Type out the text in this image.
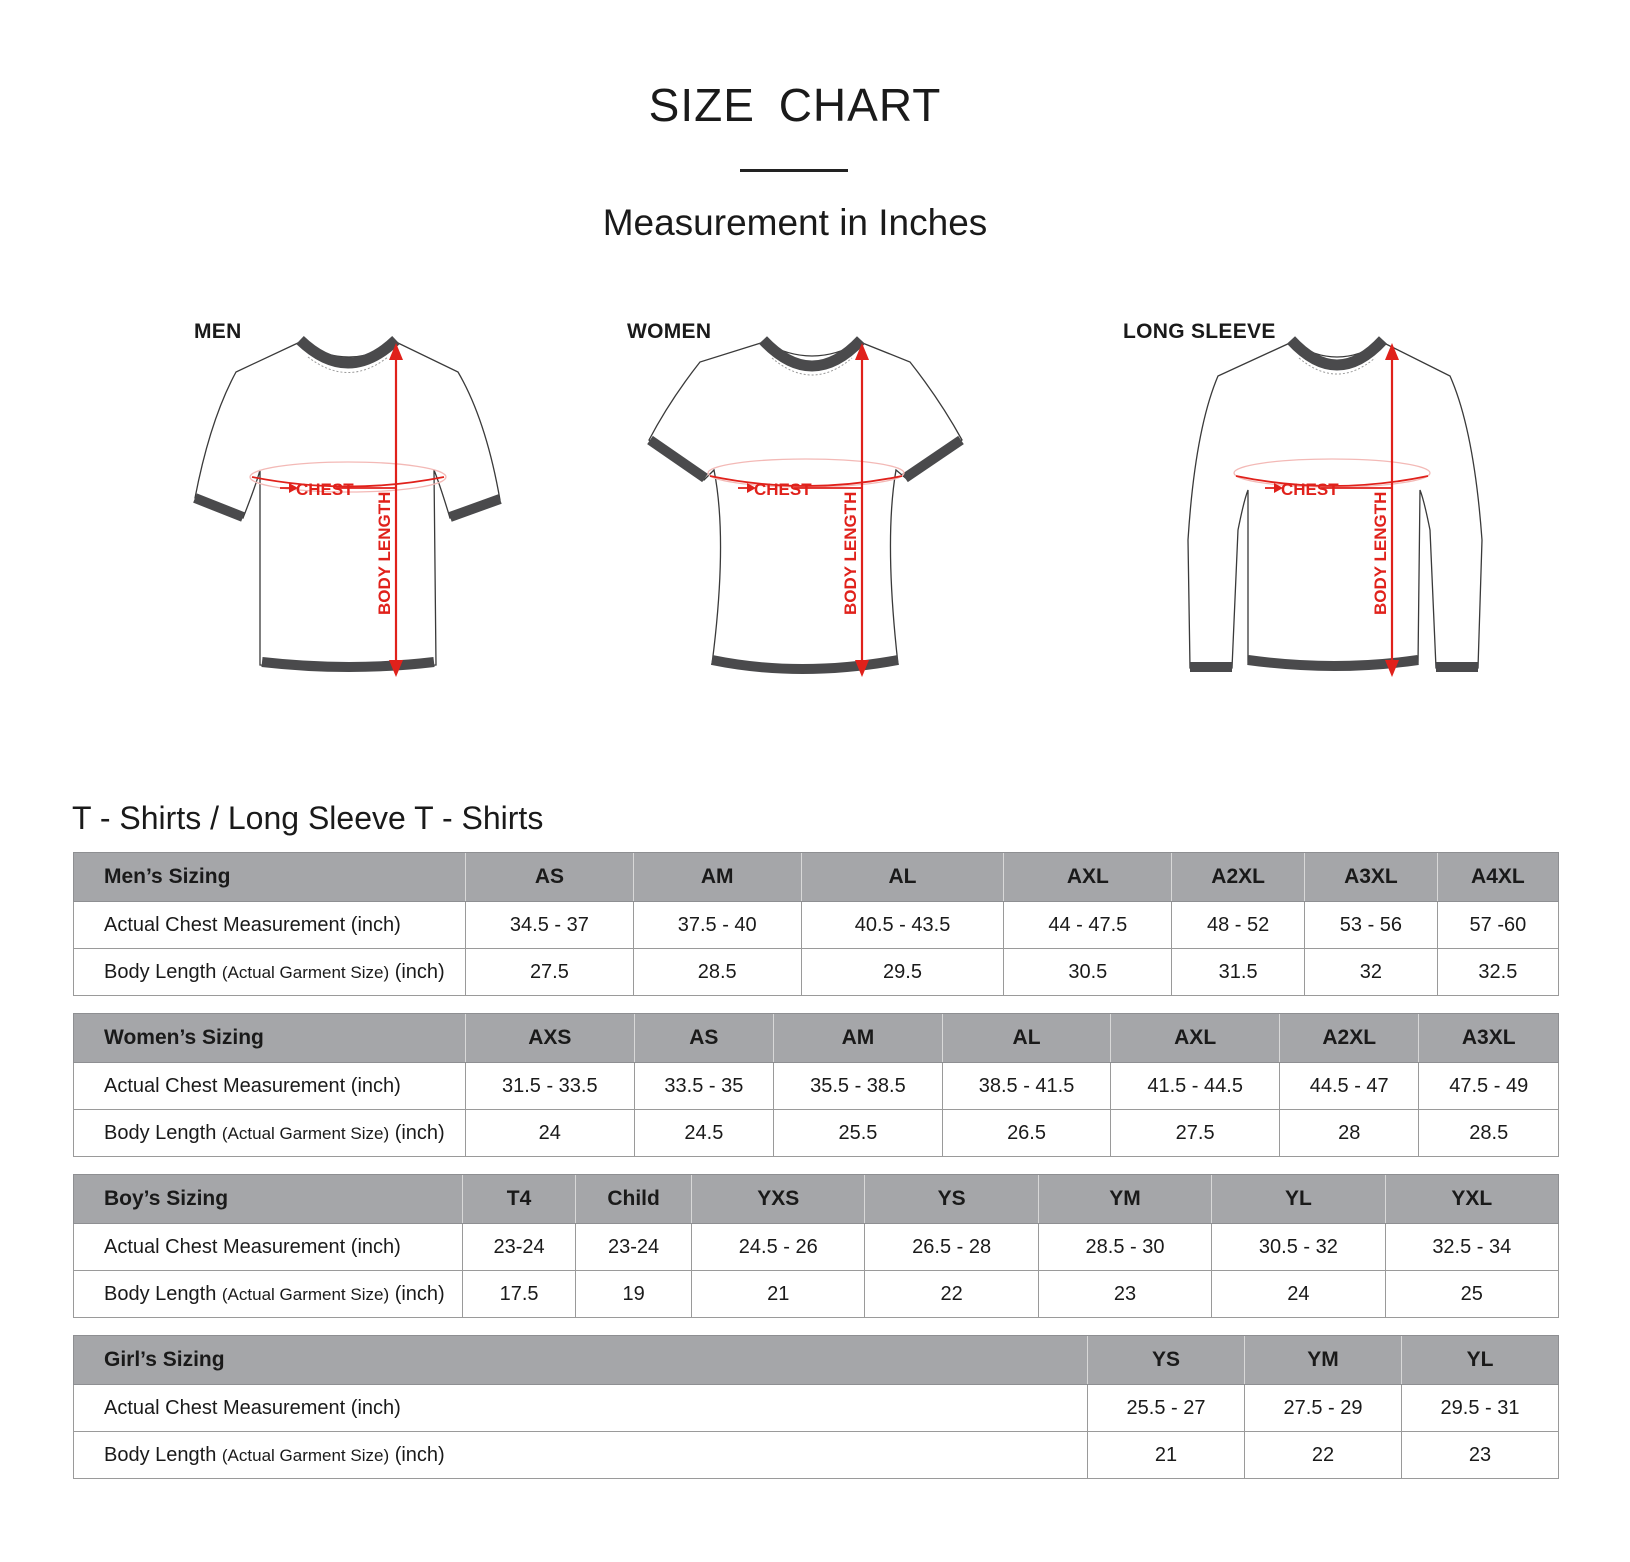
SIZE CHART
Measurement in Inches
MEN	WOMEN	LONG SLEEVE
CHEST
BODY LENGTH
CHEST
BODY LENGTH
CHEST
BODY LENGTH
T - Shirts / Long Sleeve T - Shirts
Men’s Sizing	AS	AM	AL	AXL	A2XL	A3XL	A4XL
Actual Chest Measurement (inch)	34.5 - 37	37.5 - 40	40.5 - 43.5	44 - 47.5	48 - 52	53 - 56	57 -60
Body Length (Actual Garment Size) (inch)	27.5	28.5	29.5	30.5	31.5	32	32.5
Women’s Sizing	AXS	AS	AM	AL	AXL	A2XL	A3XL
Actual Chest Measurement (inch)	31.5 - 33.5	33.5 - 35	35.5 - 38.5	38.5 - 41.5	41.5 - 44.5	44.5 - 47	47.5 - 49
Body Length (Actual Garment Size) (inch)	24	24.5	25.5	26.5	27.5	28	28.5
Boy’s Sizing	T4	Child	YXS	YS	YM	YL	YXL
Actual Chest Measurement (inch)	23-24	23-24	24.5 - 26	26.5 - 28	28.5 - 30	30.5 - 32	32.5 - 34
Body Length (Actual Garment Size) (inch)	17.5	19	21	22	23	24	25
Girl’s Sizing	YS	YM	YL
Actual Chest Measurement (inch)	25.5 - 27	27.5 - 29	29.5 - 31
Body Length (Actual Garment Size) (inch)	21	22	23
